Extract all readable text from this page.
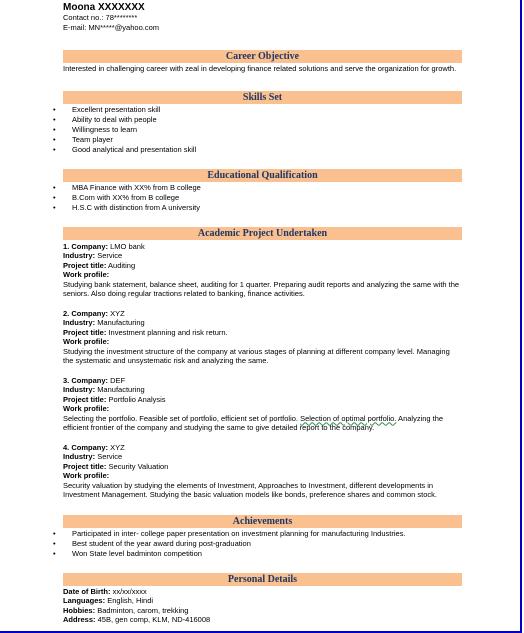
Moona XXXXXXX
Contact no.: 78********
E-mail: MN*****@yahoo.com
Career Objective
Interested in challenging career with zeal in developing finance related solutions and serve the organization for growth.
Skills Set
• Excellent presentation skill
• Ability to deal with people
• Willingness to learn
• Team player
• Good analytical and presentation skill
Educational Qualification
• MBA Finance with XX% from B college
• B.Com with XX% from B college
• H.S.C with distinction from A university
Academic Project Undertaken
1. Company: LMO bank
Industry: Service
Project title: Auditing
Work profile:
Studying bank statement, balance sheet, auditing for 1 quarter. Preparing audit reports and analyzing the same with the seniors. Also doing regular tractions related to banking, finance activities.
2. Company: XYZ
Industry: Manufacturing
Project title: Investment planning and risk return.
Work profile:
Studying the investment structure of the company at various stages of planning at different company level. Managing the systematic and unsystematic risk and analyzing the same.
3. Company: DEF
Industry: Manufacturing
Project title: Portfolio Analysis
Work profile:
Selecting the portfolio. Feasible set of portfolio, efficient set of portfolio. Selection of optimal portfolio. Analyzing the efficient frontier of the company and studying the same to give detailed report to the company.
4. Company: XYZ
Industry: Service
Project title: Security Valuation
Work profile:
Security valuation by studying the elements of Investment, Approaches to Investment, different developments in Investment Management. Studying the basic valuation models like bonds, preference shares and common stock.
Achievements
• Participated in inter- college paper presentation on investment planning for manufacturing Industries.
• Best student of the year award during post-graduation
• Won State level badminton competition
Personal Details
Date of Birth: xx/xx/xxxx
Languages: English, Hindi
Hobbies: Badminton, carom, trekking
Address: 45B, gen comp, KLM, ND-416008
